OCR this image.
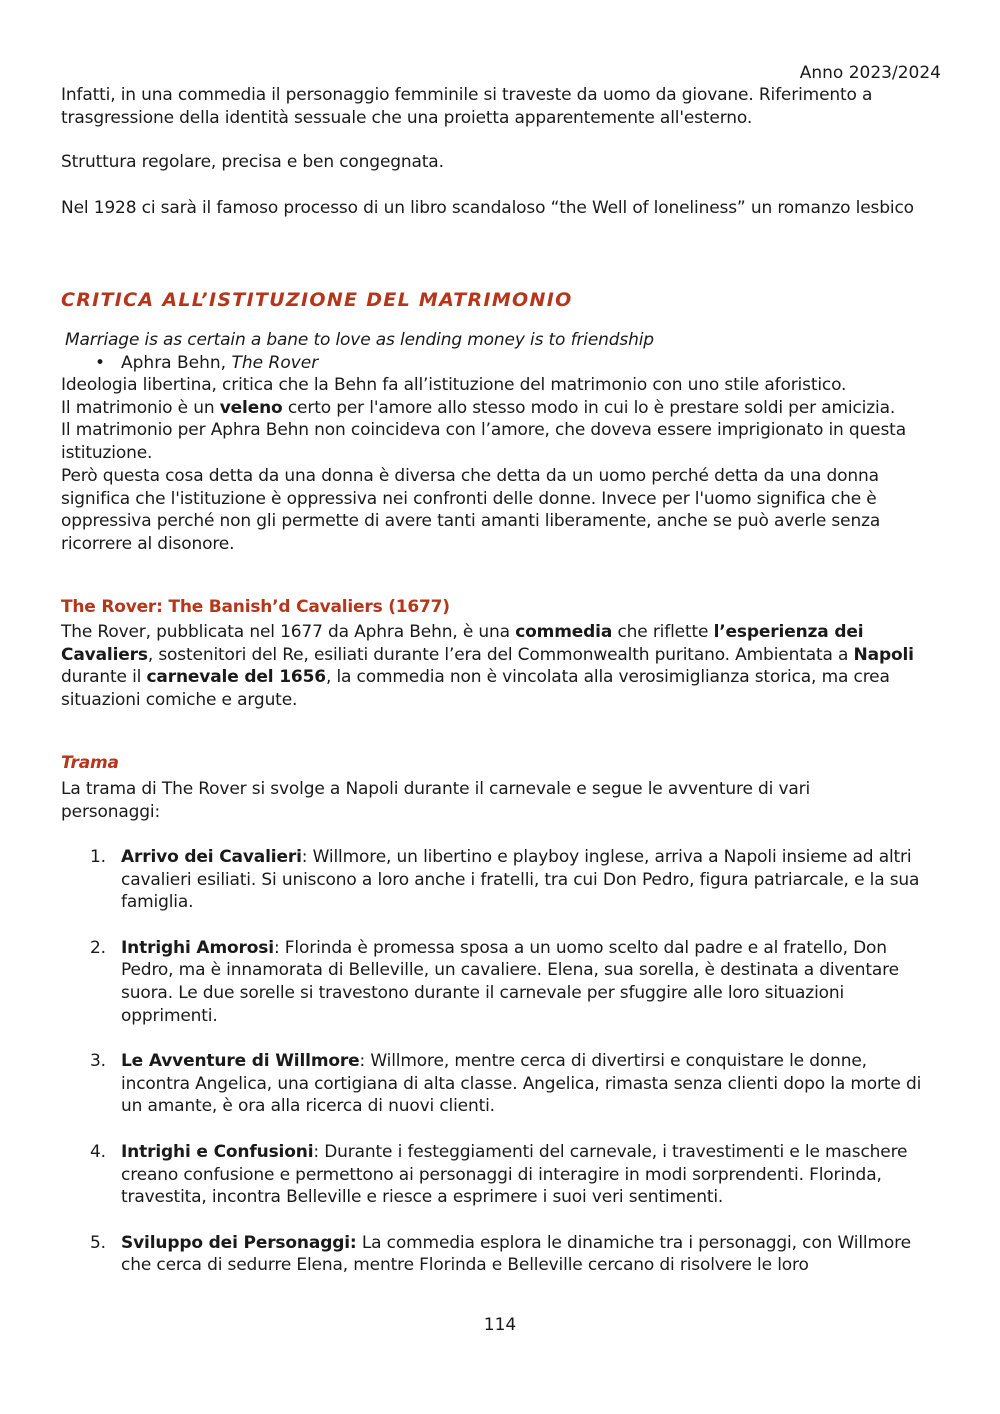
Anno 2023/2024

Infatti, in una commedia il personaggio femminile si traveste da uomo da giovane. Riferimento a trasgressione della identità sessuale che una proietta apparentemente all'esterno.

Struttura regolare, precisa e ben congegnata.

Nel 1928 ci sarà il famoso processo di un libro scandaloso “the Well of loneliness” un romanzo lesbico

CRITICA ALL’ISTITUZIONE DEL MATRIMONIO

Marriage is as certain a bane to love as lending money is to friendship

• Aphra Behn, The Rover

Ideologia libertina, critica che la Behn fa all’istituzione del matrimonio con uno stile aforistico.

Il matrimonio è un veleno certo per l'amore allo stesso modo in cui lo è prestare soldi per amicizia.

Il matrimonio per Aphra Behn non coincideva con l’amore, che doveva essere imprigionato in questa istituzione.

Però questa cosa detta da una donna è diversa che detta da un uomo perché detta da una donna significa che l'istituzione è oppressiva nei confronti delle donne. Invece per l'uomo significa che è oppressiva perché non gli permette di avere tanti amanti liberamente, anche se può averle senza ricorrere al disonore.

The Rover: The Banish’d Cavaliers (1677)

The Rover, pubblicata nel 1677 da Aphra Behn, è una commedia che riflette l’esperienza dei Cavaliers, sostenitori del Re, esiliati durante l’era del Commonwealth puritano. Ambientata a Napoli durante il carnevale del 1656, la commedia non è vincolata alla verosimiglianza storica, ma crea situazioni comiche e argute.

Trama

La trama di The Rover si svolge a Napoli durante il carnevale e segue le avventure di vari personaggi:

1. Arrivo dei Cavalieri: Willmore, un libertino e playboy inglese, arriva a Napoli insieme ad altri cavalieri esiliati. Si uniscono a loro anche i fratelli, tra cui Don Pedro, figura patriarcale, e la sua famiglia.
2. Intrighi Amorosi: Florinda è promessa sposa a un uomo scelto dal padre e al fratello, Don Pedro, ma è innamorata di Belleville, un cavaliere. Elena, sua sorella, è destinata a diventare suora. Le due sorelle si travestono durante il carnevale per sfuggire alle loro situazioni opprimenti.
3. Le Avventure di Willmore: Willmore, mentre cerca di divertirsi e conquistare le donne, incontra Angelica, una cortigiana di alta classe. Angelica, rimasta senza clienti dopo la morte di un amante, è ora alla ricerca di nuovi clienti.
4. Intrighi e Confusioni: Durante i festeggiamenti del carnevale, i travestimenti e le maschere creano confusione e permettono ai personaggi di interagire in modi sorprendenti. Florinda, travestita, incontra Belleville e riesce a esprimere i suoi veri sentimenti.
5. Sviluppo dei Personaggi: La commedia esplora le dinamiche tra i personaggi, con Willmore che cerca di sedurre Elena, mentre Florinda e Belleville cercano di risolvere le loro
114
